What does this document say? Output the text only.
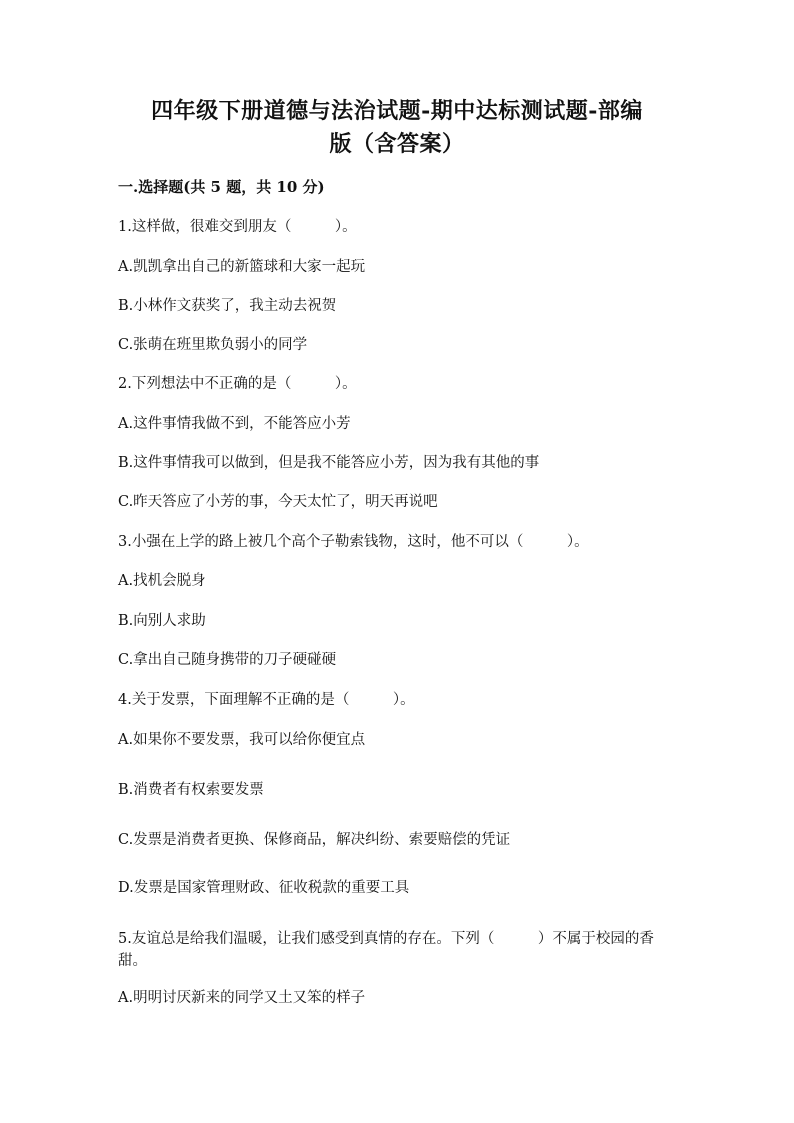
四年级下册道德与法治试题-期中达标测试题-部编
版（含答案）
一.选择题(共 5 题，共 10 分)
1.这样做，很难交到朋友（　　　）。
A.凯凯拿出自己的新篮球和大家一起玩
B.小林作文获奖了，我主动去祝贺
C.张萌在班里欺负弱小的同学
2.下列想法中不正确的是（　　　）。
A.这件事情我做不到，不能答应小芳
B.这件事情我可以做到，但是我不能答应小芳，因为我有其他的事
C.昨天答应了小芳的事，今天太忙了，明天再说吧
3.小强在上学的路上被几个高个子勒索钱物，这时，他不可以（　　　）。
A.找机会脱身
B.向别人求助
C.拿出自己随身携带的刀子硬碰硬
4.关于发票，下面理解不正确的是（　　　）。
A.如果你不要发票，我可以给你便宜点
B.消费者有权索要发票
C.发票是消费者更换、保修商品，解决纠纷、索要赔偿的凭证
D.发票是国家管理财政、征收税款的重要工具
5.友谊总是给我们温暖，让我们感受到真情的存在。下列（　　　）不属于校园的香甜。
A.明明讨厌新来的同学又土又笨的样子
